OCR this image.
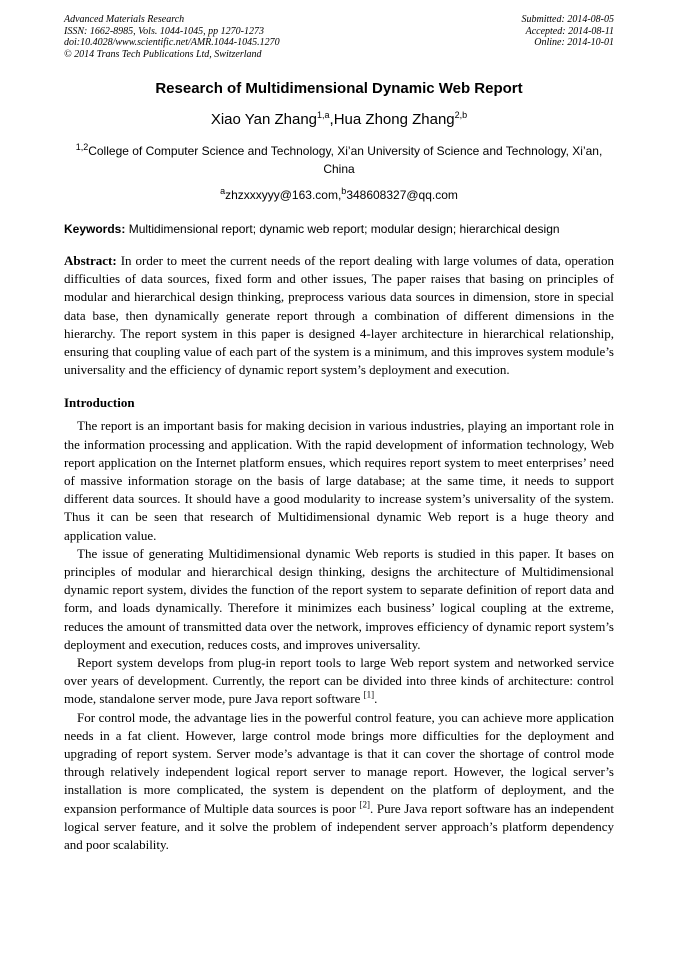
Advanced Materials Research
ISSN: 1662-8985, Vols. 1044-1045, pp 1270-1273
doi:10.4028/www.scientific.net/AMR.1044-1045.1270
© 2014 Trans Tech Publications Ltd, Switzerland
Submitted: 2014-08-05
Accepted: 2014-08-11
Online: 2014-10-01
Research of Multidimensional Dynamic Web Report
Xiao Yan Zhang$^{1,a}$,Hua Zhong Zhang$^{2,b}$
$^{1,2}$College of Computer Science and Technology, Xi’an University of Science and Technology, Xi’an, China
$^a$zhzxxxyyy@163.com,$^b$348608327@qq.com
Keywords: Multidimensional report; dynamic web report; modular design; hierarchical design
Abstract: In order to meet the current needs of the report dealing with large volumes of data, operation difficulties of data sources, fixed form and other issues, The paper raises that basing on principles of modular and hierarchical design thinking, preprocess various data sources in dimension, store in special data base, then dynamically generate report through a combination of different dimensions in the hierarchy. The report system in this paper is designed 4-layer architecture in hierarchical relationship, ensuring that coupling value of each part of the system is a minimum, and this improves system module’s universality and the efficiency of dynamic report system’s deployment and execution.
Introduction

The report is an important basis for making decision in various industries, playing an important role in the information processing and application. With the rapid development of information technology, Web report application on the Internet platform ensues, which requires report system to meet enterprises’ need of massive information storage on the basis of large database; at the same time, it needs to support different data sources. It should have a good modularity to increase system’s universality of the system. Thus it can be seen that research of Multidimensional dynamic Web report is a huge theory and application value.

The issue of generating Multidimensional dynamic Web reports is studied in this paper. It bases on principles of modular and hierarchical design thinking, designs the architecture of Multidimensional dynamic report system, divides the function of the report system to separate definition of report data and form, and loads dynamically. Therefore it minimizes each business’ logical coupling at the extreme, reduces the amount of transmitted data over the network, improves efficiency of dynamic report system’s deployment and execution, reduces costs, and improves universality.

Report system develops from plug-in report tools to large Web report system and networked service over years of development. Currently, the report can be divided into three kinds of architecture: control mode, standalone server mode, pure Java report software [1].

For control mode, the advantage lies in the powerful control feature, you can achieve more application needs in a fat client. However, large control mode brings more difficulties for the deployment and upgrading of report system. Server mode’s advantage is that it can cover the shortage of control mode through relatively independent logical report server to manage report. However, the logical server’s installation is more complicated, the system is dependent on the platform of deployment, and the expansion performance of Multiple data sources is poor [2]. Pure Java report software has an independent logical server feature, and it solve the problem of independent server approach’s platform dependency and poor scalability.
